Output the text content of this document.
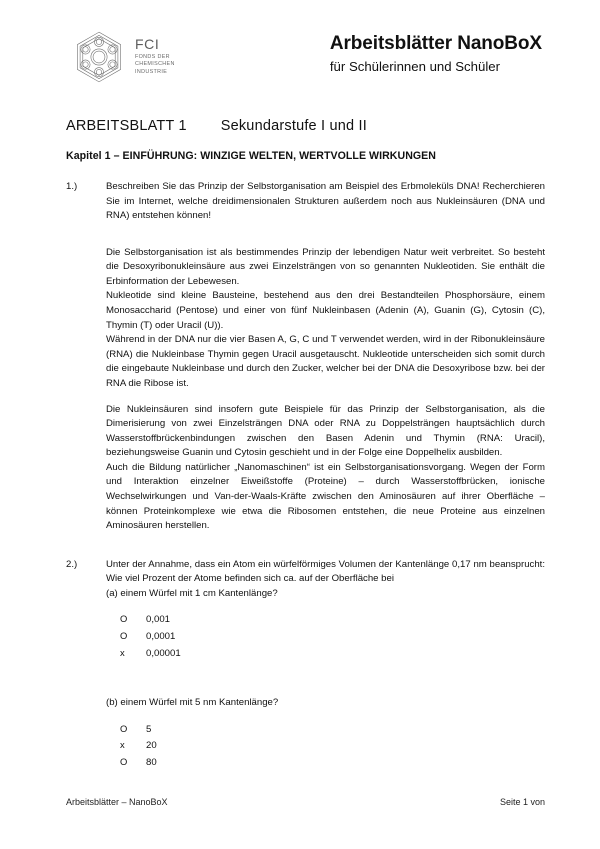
FCI
FONDS DER
CHEMISCHEN
INDUSTRIE
Arbeitsblätter NanoBoX
für Schülerinnen und Schüler
ARBEITSBLATT 1 Sekundarstufe I und II
Kapitel 1 – EINFÜHRUNG: WINZIGE WELTEN, WERTVOLLE WIRKUNGEN
1.)	Beschreiben Sie das Prinzip der Selbstorganisation am Beispiel des Erbmoleküls DNA! Recherchieren Sie im Internet, welche dreidimensionalen Strukturen außerdem noch aus Nukleinsäuren (DNA und RNA) entstehen können!

Die Selbstorganisation ist als bestimmendes Prinzip der lebendigen Natur weit verbreitet. So besteht die Desoxyribonukleinsäure aus zwei Einzelsträngen von so genannten Nukleotiden. Sie enthält die Erbinformation der Lebewesen.

Nukleotide sind kleine Bausteine, bestehend aus den drei Bestandteilen Phosphorsäure, einem Monosaccharid (Pentose) und einer von fünf Nukleinbasen (Adenin (A), Guanin (G), Cytosin (C), Thymin (T) oder Uracil (U)).

Während in der DNA nur die vier Basen A, G, C und T verwendet werden, wird in der Ribonukleinsäure (RNA) die Nukleinbase Thymin gegen Uracil ausgetauscht. Nukleotide unterscheiden sich somit durch die eingebaute Nukleinbase und durch den Zucker, welcher bei der DNA die Desoxyribose bzw. bei der RNA die Ribose ist.

Die Nukleinsäuren sind insofern gute Beispiele für das Prinzip der Selbstorganisation, als die Dimerisierung von zwei Einzelsträngen DNA oder RNA zu Doppelsträngen hauptsächlich durch Wasserstoffbrückenbindungen zwischen den Basen Adenin und Thymin (RNA: Uracil), beziehungsweise Guanin und Cytosin geschieht und in der Folge eine Doppelhelix ausbilden.

Auch die Bildung natürlicher „Nanomaschinen“ ist ein Selbstorganisationsvorgang. Wegen der Form und Interaktion einzelner Eiweißstoffe (Proteine) – durch Wasserstoffbrücken, ionische Wechselwirkungen und Van-der-Waals-Kräfte zwischen den Aminosäuren auf ihrer Oberfläche – können Proteinkomplexe wie etwa die Ribosomen entstehen, die neue Proteine aus einzelnen Aminosäuren herstellen.

2.)	Unter der Annahme, dass ein Atom ein würfelförmiges Volumen der Kantenlänge 0,17 nm beansprucht: Wie viel Prozent der Atome befinden sich ca. auf der Oberfläche bei
(a) einem Würfel mit 1 cm Kantenlänge?
O	0,001
O	0,0001
x	0,00001
(b) einem Würfel mit 5 nm Kantenlänge?
O	5
x	20
O	80
Arbeitsblätter – NanoBoX	Seite 1 von
